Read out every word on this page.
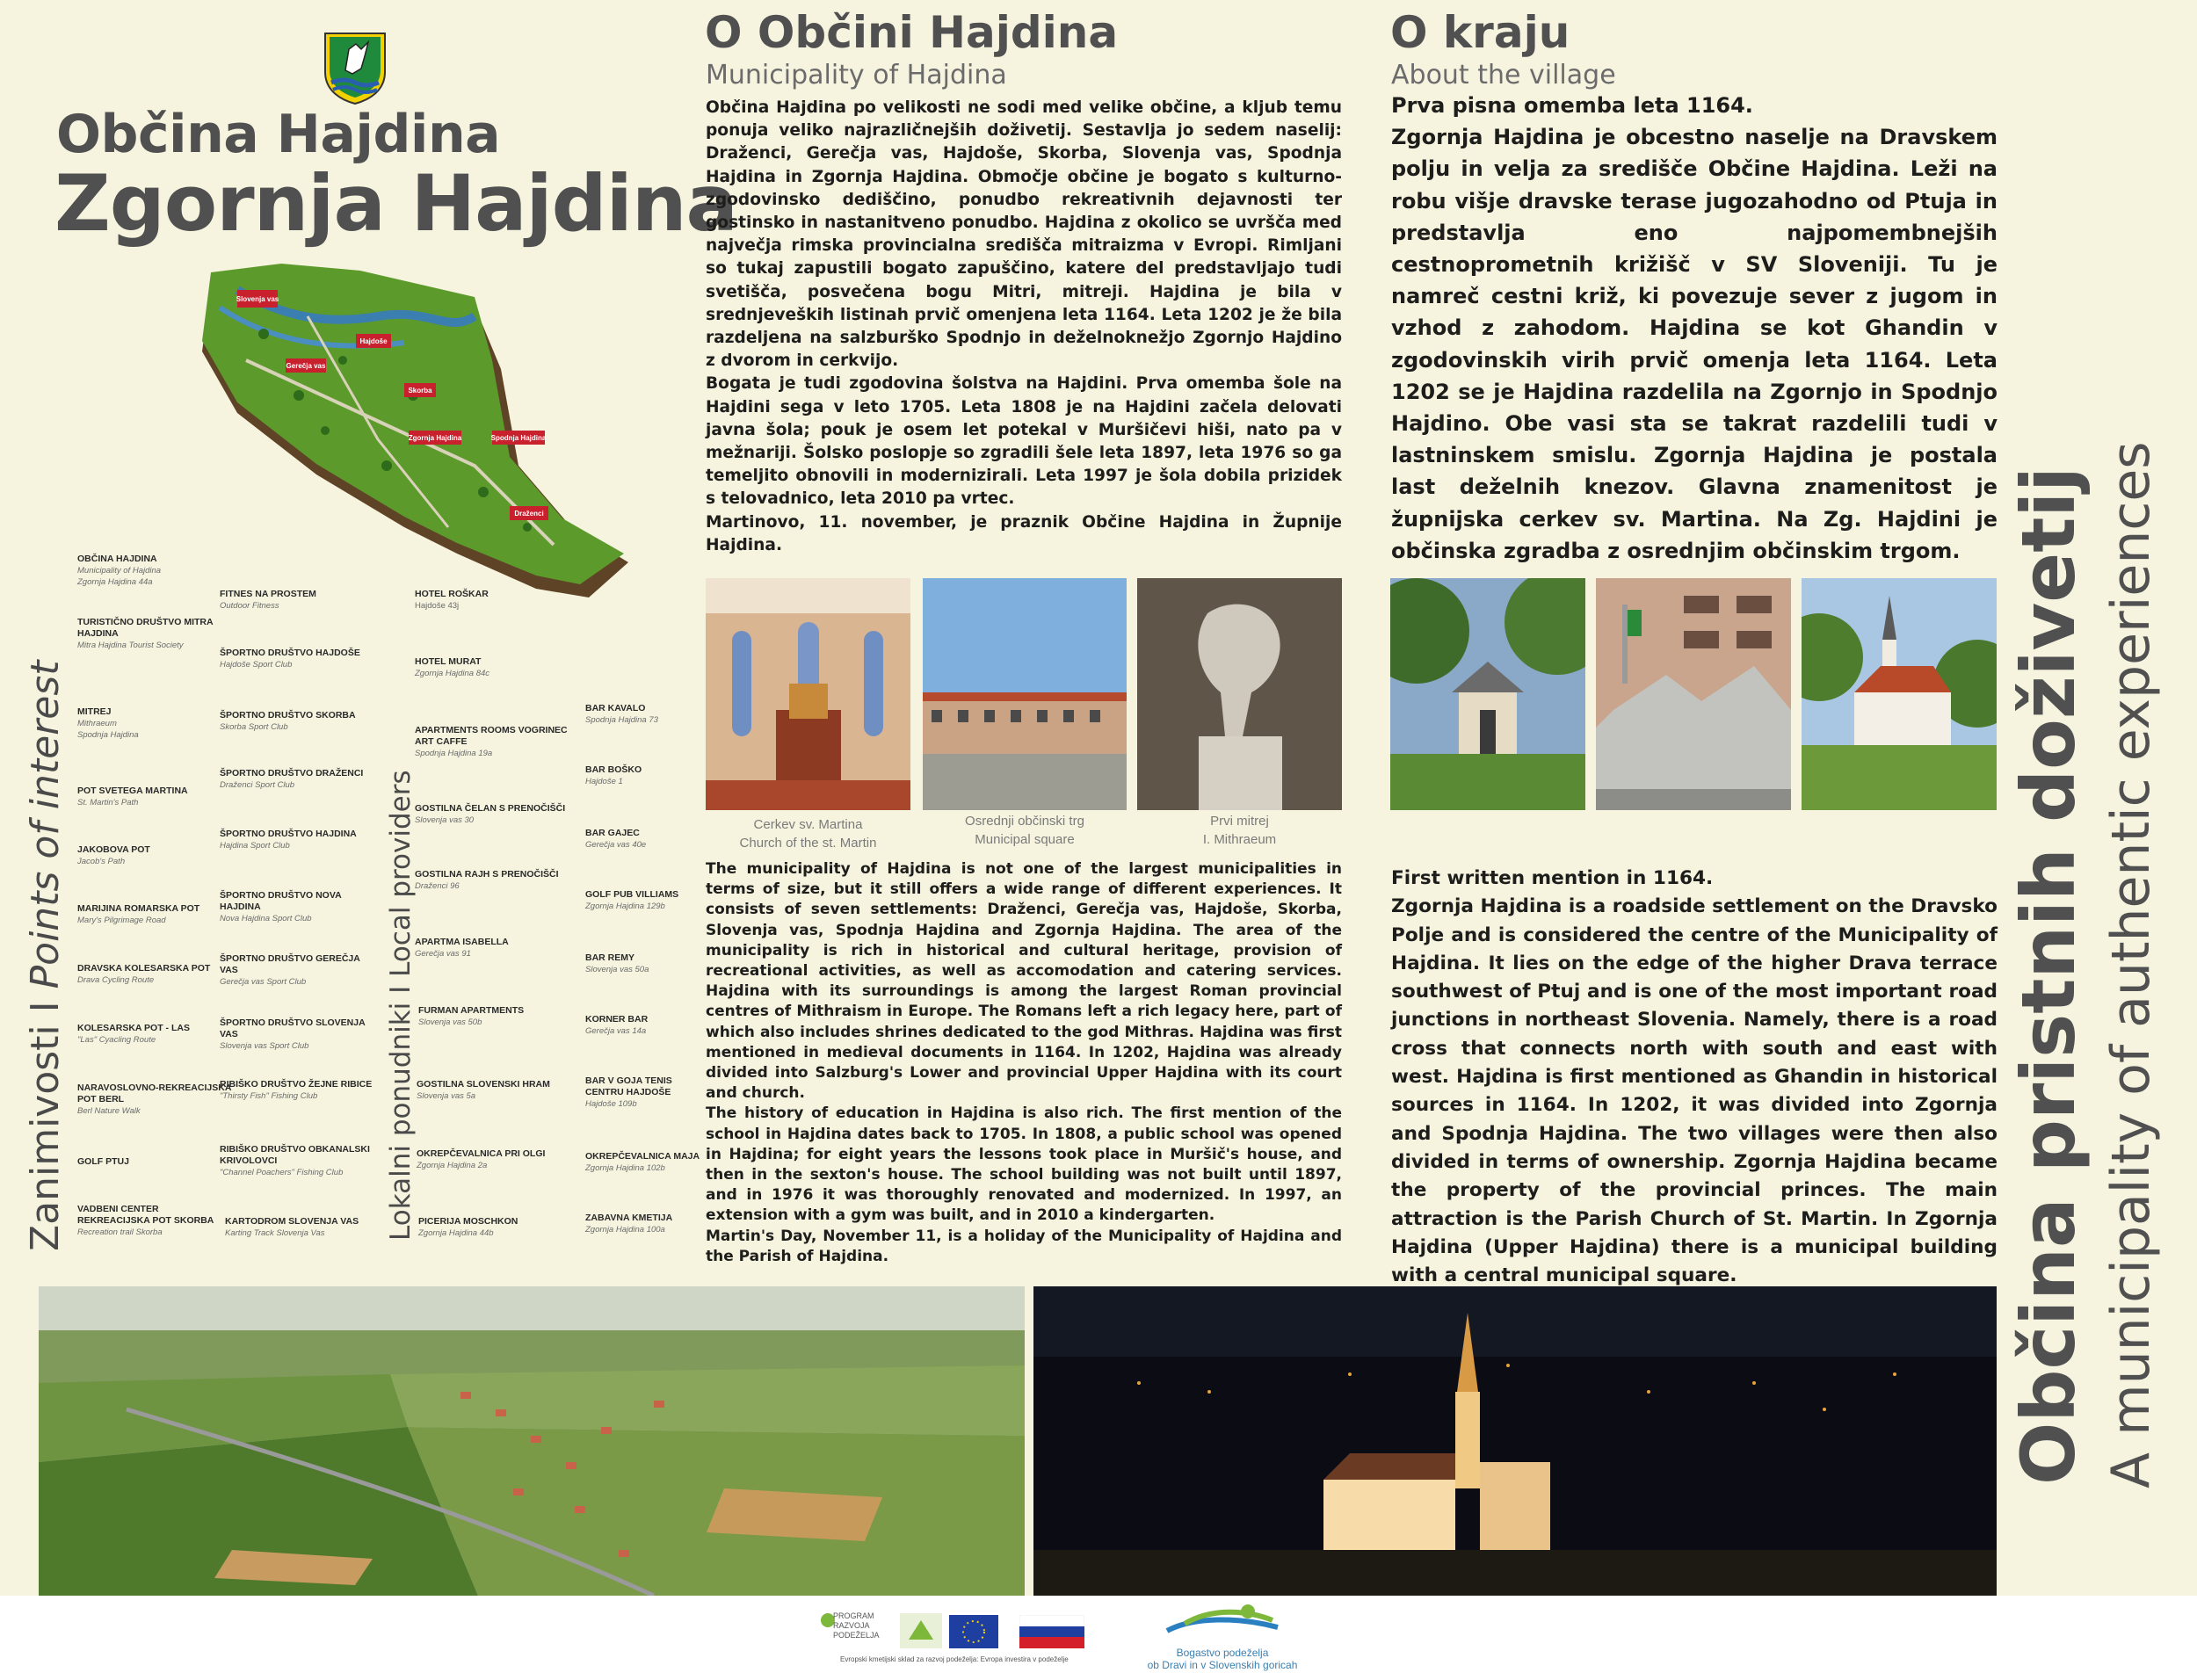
Občina Hajdina
Zgornja Hajdina
Slovenja vas
Hajdoše
Gerečja vas
Skorba
Zgornja Hajdina	Spodnja Hajdina
Draženci
Zanimivosti I Points of interest	Lokalni ponudniki I Local providers
OBČINA HAJDINA
Municipality of Hajdina
Zgornja Hajdina 44a
TURISTIČNO DRUŠTVO MITRA HAJDINA
Mitra Hajdina Tourist Society
MITREJ
Mithraeum
Spodnja Hajdina
POT SVETEGA MARTINA
St. Martin's Path
JAKOBOVA POT
Jacob's Path
MARIJINA ROMARSKA POT
Mary's Pilgrimage Road
DRAVSKA KOLESARSKA POT
Drava Cycling Route
KOLESARSKA POT - LAS
"Las" Cyacling Route
NARAVOSLOVNO-REKREACIJSKA POT BERL
Berl Nature Walk
GOLF PTUJ
VADBENI CENTER REKREACIJSKA POT SKORBA
Recreation trail Skorba
FITNES NA PROSTEM
Outdoor Fitness
ŠPORTNO DRUŠTVO HAJDOŠE
Hajdoše Sport Club
ŠPORTNO DRUŠTVO SKORBA
Skorba Sport Club
ŠPORTNO DRUŠTVO DRAŽENCI
Draženci Sport Club
ŠPORTNO DRUŠTVO HAJDINA
Hajdina Sport Club
ŠPORTNO DRUŠTVO NOVA HAJDINA
Nova Hajdina Sport Club
ŠPORTNO DRUŠTVO GEREČJA VAS
Gerečja vas Sport Club
ŠPORTNO DRUŠTVO SLOVENJA VAS
Slovenja vas Sport Club
RIBIŠKO DRUŠTVO ŽEJNE RIBICE
"Thirsty Fish" Fishing Club
RIBIŠKO DRUŠTVO OBKANALSKI KRIVOLOVCI
"Channel Poachers" Fishing Club
KARTODROM SLOVENJA VAS
Karting Track Slovenja Vas
HOTEL ROŠKAR
Hajdoše 43j
HOTEL MURAT
Zgornja Hajdina 84c
APARTMENTS ROOMS VOGRINEC ART CAFFE
Spodnja Hajdina 19a
GOSTILNA ČELAN S PRENOČIŠČI
Slovenja vas 30
GOSTILNA RAJH S PRENOČIŠČI
Draženci 96
APARTMA ISABELLA
Gerečja vas 91
FURMAN APARTMENTS
Slovenja vas 50b
GOSTILNA SLOVENSKI HRAM
Slovenja vas 5a
OKREPČEVALNICA PRI OLGI
Zgornja Hajdina 2a
PICERIJA MOSCHKON
Zgornja Hajdina 44b
BAR KAVALO
Spodnja Hajdina 73
BAR BOŠKO
Hajdoše 1
BAR GAJEC
Gerečja vas 40e
GOLF PUB VILLIAMS
Zgornja Hajdina 129b
BAR REMY
Slovenja vas 50a
KORNER BAR
Gerečja vas 14a
BAR V GOJA TENIS CENTRU HAJDOŠE
Hajdoše 109b
OKREPČEVALNICA MAJA
Zgornja Hajdina 102b
ZABAVNA KMETIJA
Zgornja Hajdina 100a
O Občini Hajdina
Municipality of Hajdina

Občina Hajdina po velikosti ne sodi med velike občine, a kljub temu ponuja veliko najrazličnejših doživetij. Sestavlja jo sedem naselij: Draženci, Gerečja vas, Hajdoše, Skorba, Slovenja vas, Spodnja Hajdina in Zgornja Hajdina. Območje občine je bogato s kulturno-zgodovinsko dediščino, ponudbo rekreativnih dejavnosti ter gostinsko in nastanitveno ponudbo. Hajdina z okolico se uvršča med največja rimska provincialna središča mitraizma v Evropi. Rimljani so tukaj zapustili bogato zapuščino, katere del predstavljajo tudi svetišča, posvečena bogu Mitri, mitreji. Hajdina je bila v srednjeveških listinah prvič omenjena leta 1164. Leta 1202 je že bila razdeljena na salzburško Spodnjo in deželnoknežjo Zgornjo Hajdino z dvorom in cerkvijo.

Bogata je tudi zgodovina šolstva na Hajdini. Prva omemba šole na Hajdini sega v leto 1705. Leta 1808 je na Hajdini začela delovati javna šola; pouk je osem let potekal v Muršičevi hiši, nato pa v mežnariji. Šolsko poslopje so zgradili šele leta 1897, leta 1976 so ga temeljito obnovili in modernizirali. Leta 1997 je šola dobila prizidek s telovadnico, leta 2010 pa vrtec.

Martinovo, 11. november, je praznik Občine Hajdina in Župnije Hajdina.

Cerkev sv. Martina
Church of the st. Martin
Osrednji občinski trg
Municipal square
Prvi mitrej
I. Mithraeum

The municipality of Hajdina is not one of the largest municipalities in terms of size, but it still offers a wide range of different experiences. It consists of seven settlements: Draženci, Gerečja vas, Hajdoše, Skorba, Slovenja vas, Spodnja Hajdina and Zgornja Hajdina. The area of the municipality is rich in historical and cultural heritage, provision of recreational activities, as well as accomodation and catering services. Hajdina with its surroundings is among the largest Roman provincial centres of Mithraism in Europe. The Romans left a rich legacy here, part of which also includes shrines dedicated to the god Mithras. Hajdina was first mentioned in medieval documents in 1164. In 1202, Hajdina was already divided into Salzburg's Lower and provincial Upper Hajdina with its court and church.

The history of education in Hajdina is also rich. The first mention of the school in Hajdina dates back to 1705. In 1808, a public school was opened in Hajdina; for eight years the lessons took place in Muršič's house, and then in the sexton's house. The school building was not built until 1897, and in 1976 it was thoroughly renovated and modernized. In 1997, an extension with a gym was built, and in 2010 a kindergarten.

Martin's Day, November 11, is a holiday of the Municipality of Hajdina and the Parish of Hajdina.

O kraju
About the village

Prva pisna omemba leta 1164.

Zgornja Hajdina je obcestno naselje na Dravskem polju in velja za središče Občine Hajdina. Leži na robu višje dravske terase jugozahodno od Ptuja in predstavlja eno najpomembnejših cestnoprometnih križišč v SV Sloveniji. Tu je namreč cestni križ, ki povezuje sever z jugom in vzhod z zahodom. Hajdina se kot Ghandin v zgodovinskih virih prvič omenja leta 1164. Leta 1202 se je Hajdina razdelila na Zgornjo in Spodnjo Hajdino. Obe vasi sta se takrat razdelili tudi v lastninskem smislu. Zgornja Hajdina je postala last deželnih knezov. Glavna znamenitost je župnijska cerkev sv. Martina. Na Zg. Hajdini je občinska zgradba z osrednjim občinskim trgom.

First written mention in 1164.

Zgornja Hajdina is a roadside settlement on the Dravsko Polje and is considered the centre of the Municipality of Hajdina. It lies on the edge of the higher Drava terrace southwest of Ptuj and is one of the most important road junctions in northeast Slovenia. Namely, there is a road cross that connects north with south and east with west. Hajdina is first mentioned as Ghandin in historical sources in 1164. In 1202, it was divided into Zgornja and Spodnja Hajdina. The two villages were then also divided in terms of ownership. Zgornja Hajdina became the property of the provincial princes. The main attraction is the Parish Church of St. Martin. In Zgornja Hajdina (Upper Hajdina) there is a municipal building with a central municipal square.	Občina pristnih doživetij A municipality of authentic experiences
PROGRAM
RAZVOJA
PODEŽELJA
Evropski kmetijski sklad za razvoj podeželja: Evropa investira v podeželje
Bogastvo podeželja
ob Dravi in v Slovenskih goricah
